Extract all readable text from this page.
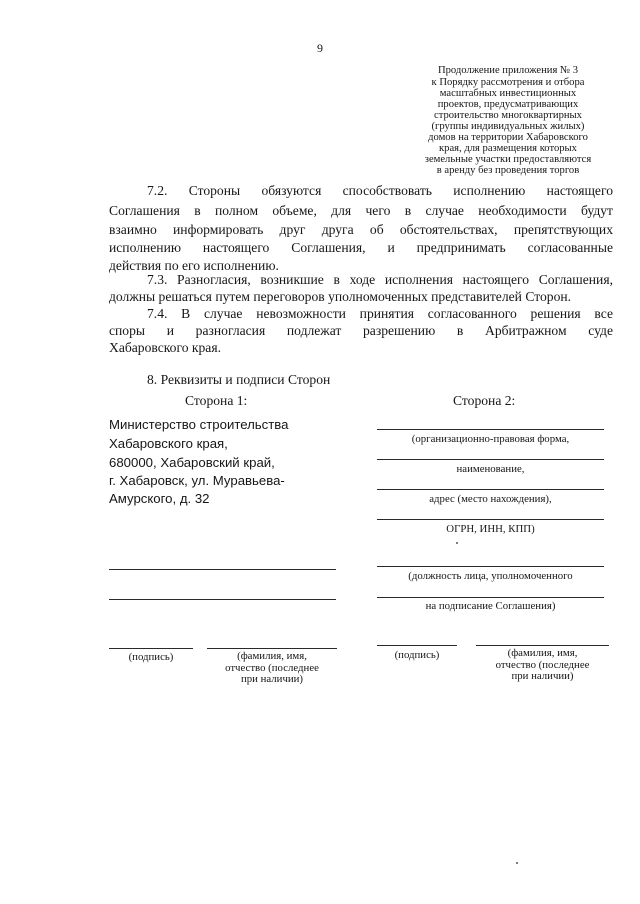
9
Продолжение приложения № 3
к Порядку рассмотрения и отбора
масштабных инвестиционных
проектов, предусматривающих
строительство многоквартирных
(группы индивидуальных жилых)
домов на территории Хабаровского
края, для размещения которых
земельные участки предоставляются
в аренду без проведения торгов
7.2. Стороны обязуются способствовать исполнению настоящего
Соглашения в полном объеме, для чего в случае необходимости будут
взаимно информировать друг друга об обстоятельствах, препятствующих
исполнению настоящего Соглашения, и предпринимать согласованные
действия по его исполнению.
7.3. Разногласия, возникшие в ходе исполнения настоящего Соглашения,
должны решаться путем переговоров уполномоченных представителей Сторон.
7.4. В случае невозможности принятия согласованного решения все
споры и разногласия подлежат разрешению в Арбитражном суде
Хабаровского края.
8. Реквизиты и подписи Сторон
Сторона 1:	Сторона 2:
Министерство строительства
Хабаровского края,
680000, Хабаровский край,
г. Хабаровск, ул. Муравьева-
Амурского, д. 32
(организационно-правовая форма,
наименование,
адрес (место нахождения),
ОГРН, ИНН, КПП)
(должность лица, уполномоченного
на подписание Соглашения)
(подпись)	(фамилия, имя,
отчество (последнее
при наличии)
(подпись)	(фамилия, имя,
отчество (последнее
при наличии)
